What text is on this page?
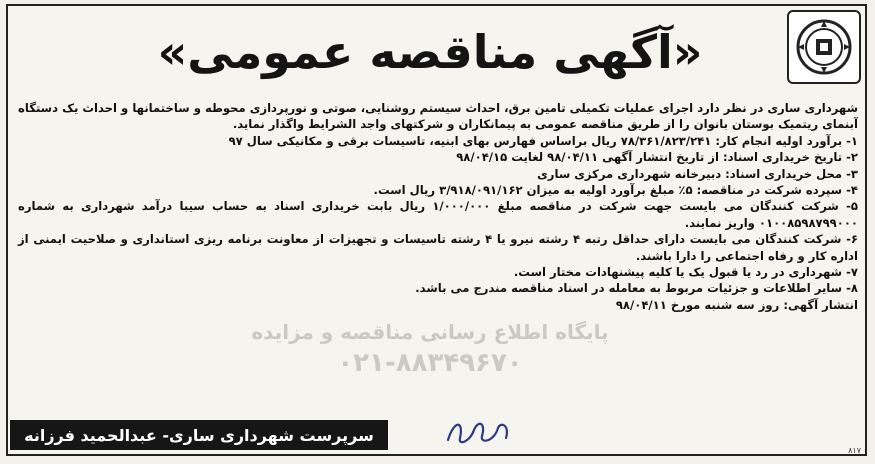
«آگهی مناقصه عمومی»
پایگاه اطلاع رسانی مناقصه و مزایده
۰۲۱-۸۸۳۴۹۶۷۰

شهرداری ساری در نظر دارد اجرای عملیات تکمیلی تامین برق، احداث سیستم روشنایی، صوتی و نورپردازی محوطه و ساختمانها و احداث یک دستگاه آبنمای ریتمیک بوستان بانوان را از طریق مناقصه عمومی به پیمانکاران و شرکتهای واجد الشرایط واگذار نماید.

۱- برآورد اولیه انجام کار: ۷۸/۳۶۱/۸۲۳/۲۴۱ ریال براساس فهارس بهای ابنیه، تاسیسات برقی و مکانیکی سال ۹۷

۲- تاریخ خریداری اسناد: از تاریخ انتشار آگهی ۹۸/۰۴/۱۱ لغایت ۹۸/۰۴/۱۵

۳- محل خریداری اسناد: دبیرخانه شهرداری مرکزی ساری

۴- سپرده شرکت در مناقصه: ۵٪ مبلغ برآورد اولیه به میزان ۳/۹۱۸/۰۹۱/۱۶۲ ریال است.

۵- شرکت کنندگان می بایست جهت شرکت در مناقصه مبلغ ۱/۰۰۰/۰۰۰ ریال بابت خریداری اسناد به حساب سیبا درآمد شهرداری به شماره ۰۱۰۰۸۵۹۸۷۹۹۰۰۰ واریز نمایند.

۶- شرکت کنندگان می بایست دارای حداقل رتبه ۴ رشته نیرو یا ۴ رشته تاسیسات و تجهیزات از معاونت برنامه ریزی استانداری و صلاحیت ایمنی از اداره کار و رفاه اجتماعی را دارا باشند.

۷- شهرداری در رد یا قبول یک یا کلیه پیشنهادات مختار است.

۸- سایر اطلاعات و جزئیات مربوط به معامله در اسناد مناقصه مندرج می باشد.

انتشار آگهی: روز سه شنبه مورخ ۹۸/۰۴/۱۱

سرپرست شهرداری ساری- عبدالحمید فرزانه
۸۱۷
